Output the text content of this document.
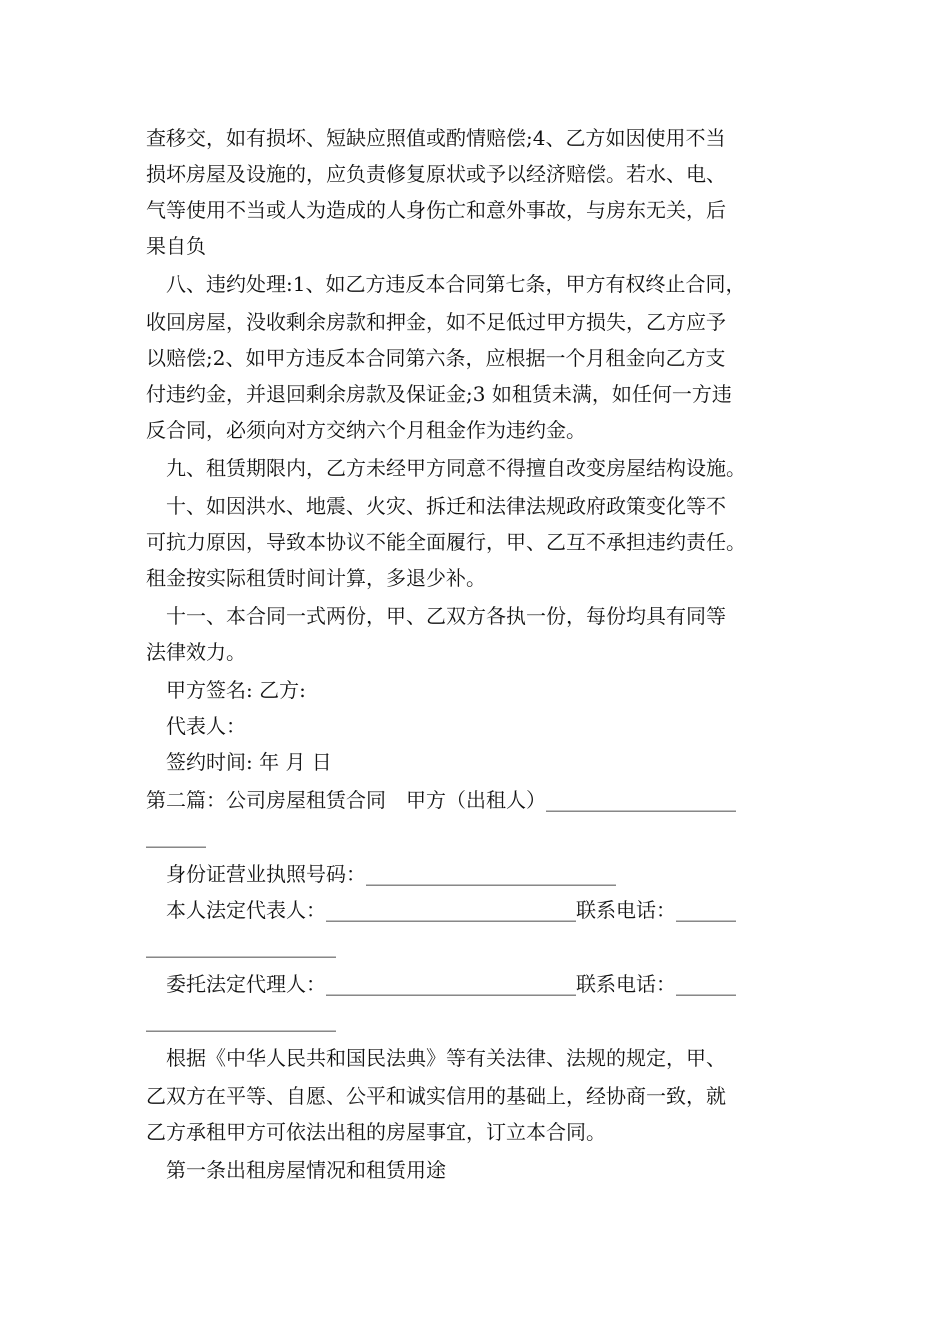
查移交，如有损坏、短缺应照值或酌情赔偿;4、乙方如因使用不当
损坏房屋及设施的，应负责修复原状或予以经济赔偿。若水、电、
气等使用不当或人为造成的人身伤亡和意外事故，与房东无关，后
果自负
八、违约处理:1、如乙方违反本合同第七条，甲方有权终止合同，
收回房屋，没收剩余房款和押金，如不足低过甲方损失，乙方应予
以赔偿;2、如甲方违反本合同第六条，应根据一个月租金向乙方支
付违约金，并退回剩余房款及保证金;3 如租赁未满，如任何一方违
反合同，必须向对方交纳六个月租金作为违约金。
九、租赁期限内，乙方未经甲方同意不得擅自改变房屋结构设施。
十、如因洪水、地震、火灾、拆迁和法律法规政府政策变化等不
可抗力原因，导致本协议不能全面履行，甲、乙互不承担违约责任。
租金按实际租赁时间计算，多退少补。
十一、本合同一式两份，甲、乙双方各执一份，每份均具有同等
法律效力。
甲方签名: 乙方:
代表人：
签约时间: 年 月 日
第二篇：公司房屋租赁合同　甲方（出租人）___________________
______
身份证营业执照号码：_________________________
本人法定代表人：_________________________联系电话：______
___________________
委托法定代理人：_________________________联系电话：______
___________________
根据《中华人民共和国民法典》等有关法律、法规的规定，甲、
乙双方在平等、自愿、公平和诚实信用的基础上，经协商一致，就
乙方承租甲方可依法出租的房屋事宜，订立本合同。
第一条出租房屋情况和租赁用途
